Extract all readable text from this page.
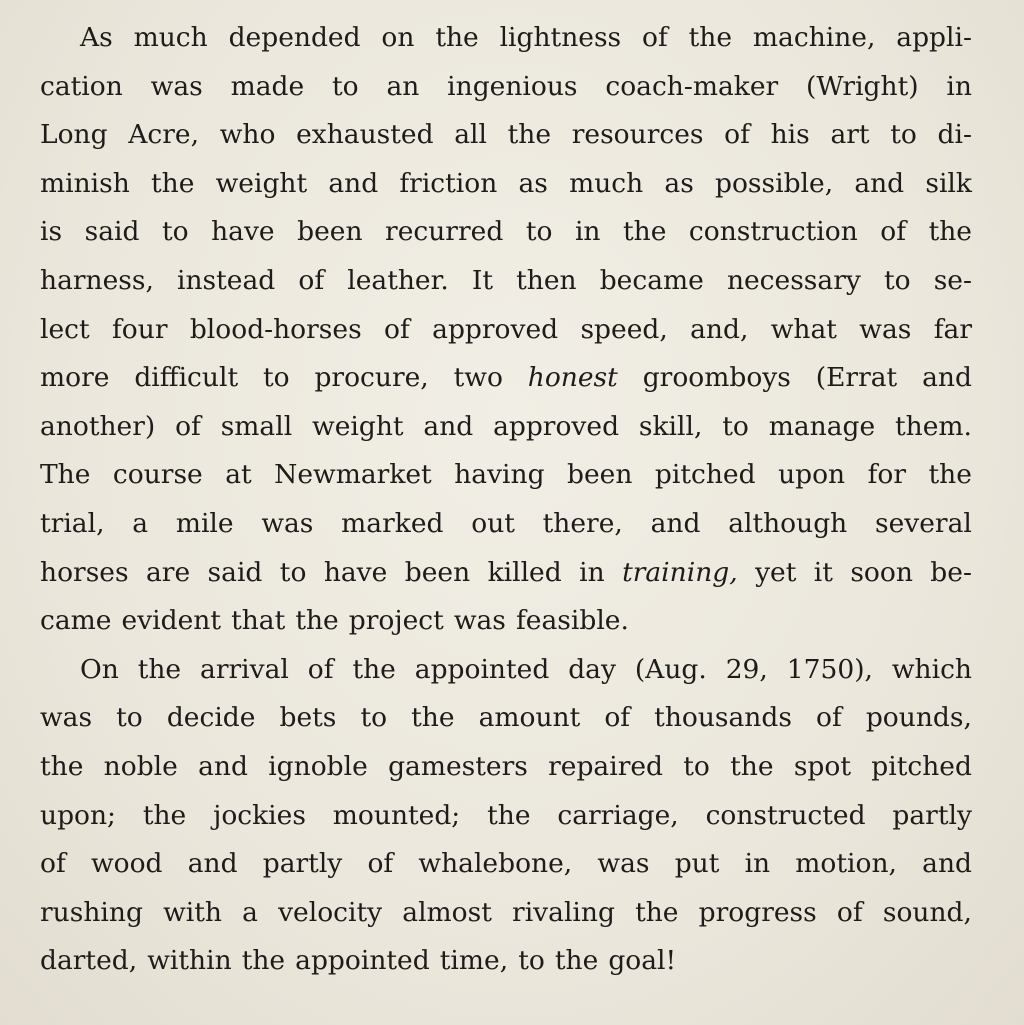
As much depended on the lightness of the machine, appli-
cation was made to an ingenious coach-maker (Wright) in
Long Acre, who exhausted all the resources of his art to di-
minish the weight and friction as much as possible, and silk
is said to have been recurred to in the construction of the
harness, instead of leather. It then became necessary to se-
lect four blood-horses of approved speed, and, what was far
more difficult to procure, two honest groomboys (Errat and
another) of small weight and approved skill, to manage them.
The course at Newmarket having been pitched upon for the
trial, a mile was marked out there, and although several
horses are said to have been killed in training, yet it soon be-
came evident that the project was feasible.
On the arrival of the appointed day (Aug. 29, 1750), which
was to decide bets to the amount of thousands of pounds,
the noble and ignoble gamesters repaired to the spot pitched
upon; the jockies mounted; the carriage, constructed partly
of wood and partly of whalebone, was put in motion, and
rushing with a velocity almost rivaling the progress of sound,
darted, within the appointed time, to the goal!
